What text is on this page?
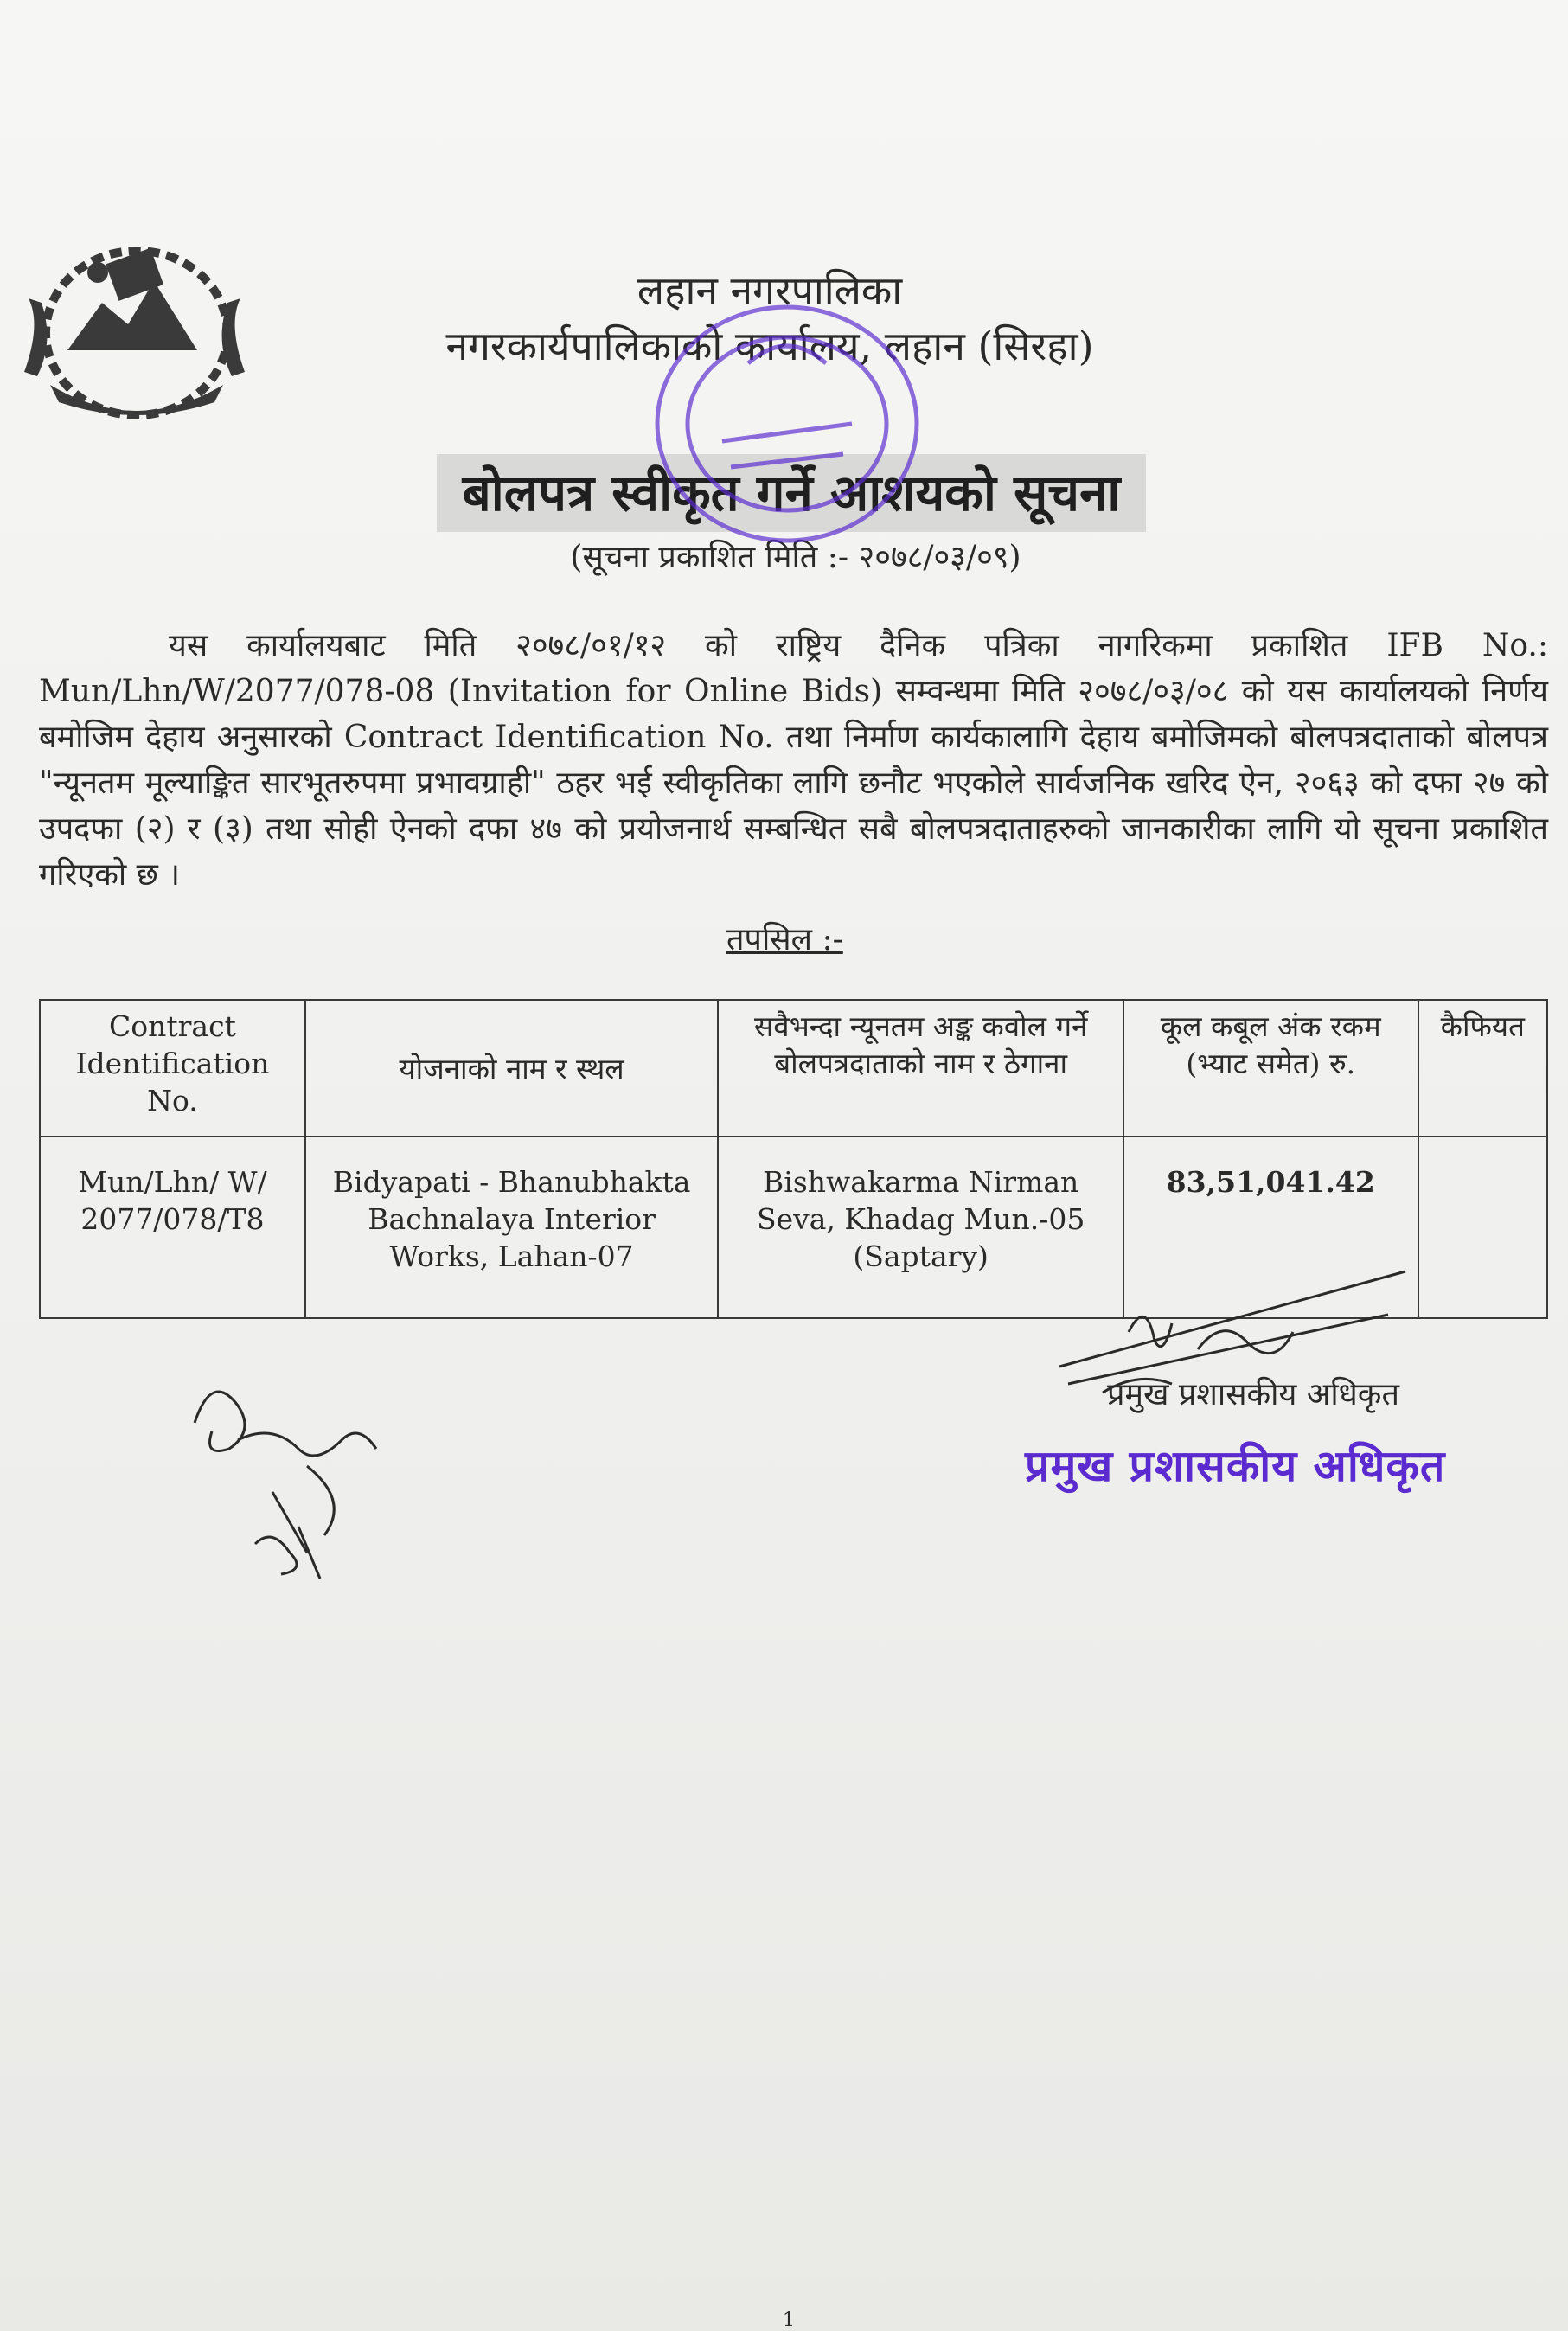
लहान नगरपालिका
नगरकार्यपालिकाको कार्यालय, लहान (सिरहा)
बोलपत्र स्वीकृत गर्ने आशयको सूचना
(सूचना प्रकाशित मिति :- २०७८/०३/०९)
यस कार्यालयबाट मिति २०७८/०१/१२ को राष्ट्रिय दैनिक पत्रिका नागरिकमा प्रकाशित IFB No.: Mun/Lhn/W/2077/078-08 (Invitation for Online Bids) सम्वन्धमा मिति २०७८/०३/०८ को यस कार्यालयको निर्णय बमोजिम देहाय अनुसारको Contract Identification No. तथा निर्माण कार्यकालागि देहाय बमोजिमको बोलपत्रदाताको बोलपत्र "न्यूनतम मूल्याङ्कित सारभूतरुपमा प्रभावग्राही" ठहर भई स्वीकृतिका लागि छनौट भएकोले सार्वजनिक खरिद ऐन, २०६३ को दफा २७ को उपदफा (२) र (३) तथा सोही ऐनको दफा ४७ को प्रयोजनार्थ सम्बन्धित सबै बोलपत्रदाताहरुको जानकारीका लागि यो सूचना प्रकाशित गरिएको छ ।
तपसिल :-
Contract Identification No.	योजनाको नाम र स्थल	सवैभन्दा न्यूनतम अङ्क कवोल गर्ने बोलपत्रदाताको नाम र ठेगाना	कूल कबूल अंक रकम (भ्याट समेत) रु.	कैफियत
Mun/Lhn/ W/ 2077/078/T8	Bidyapati - Bhanubhakta Bachnalaya Interior Works, Lahan-07	Bishwakarma Nirman Seva, Khadag Mun.-05 (Saptary)	83,51,041.42	
प्रमुख प्रशासकीय अधिकृत
प्रमुख प्रशासकीय अधिकृत
1
